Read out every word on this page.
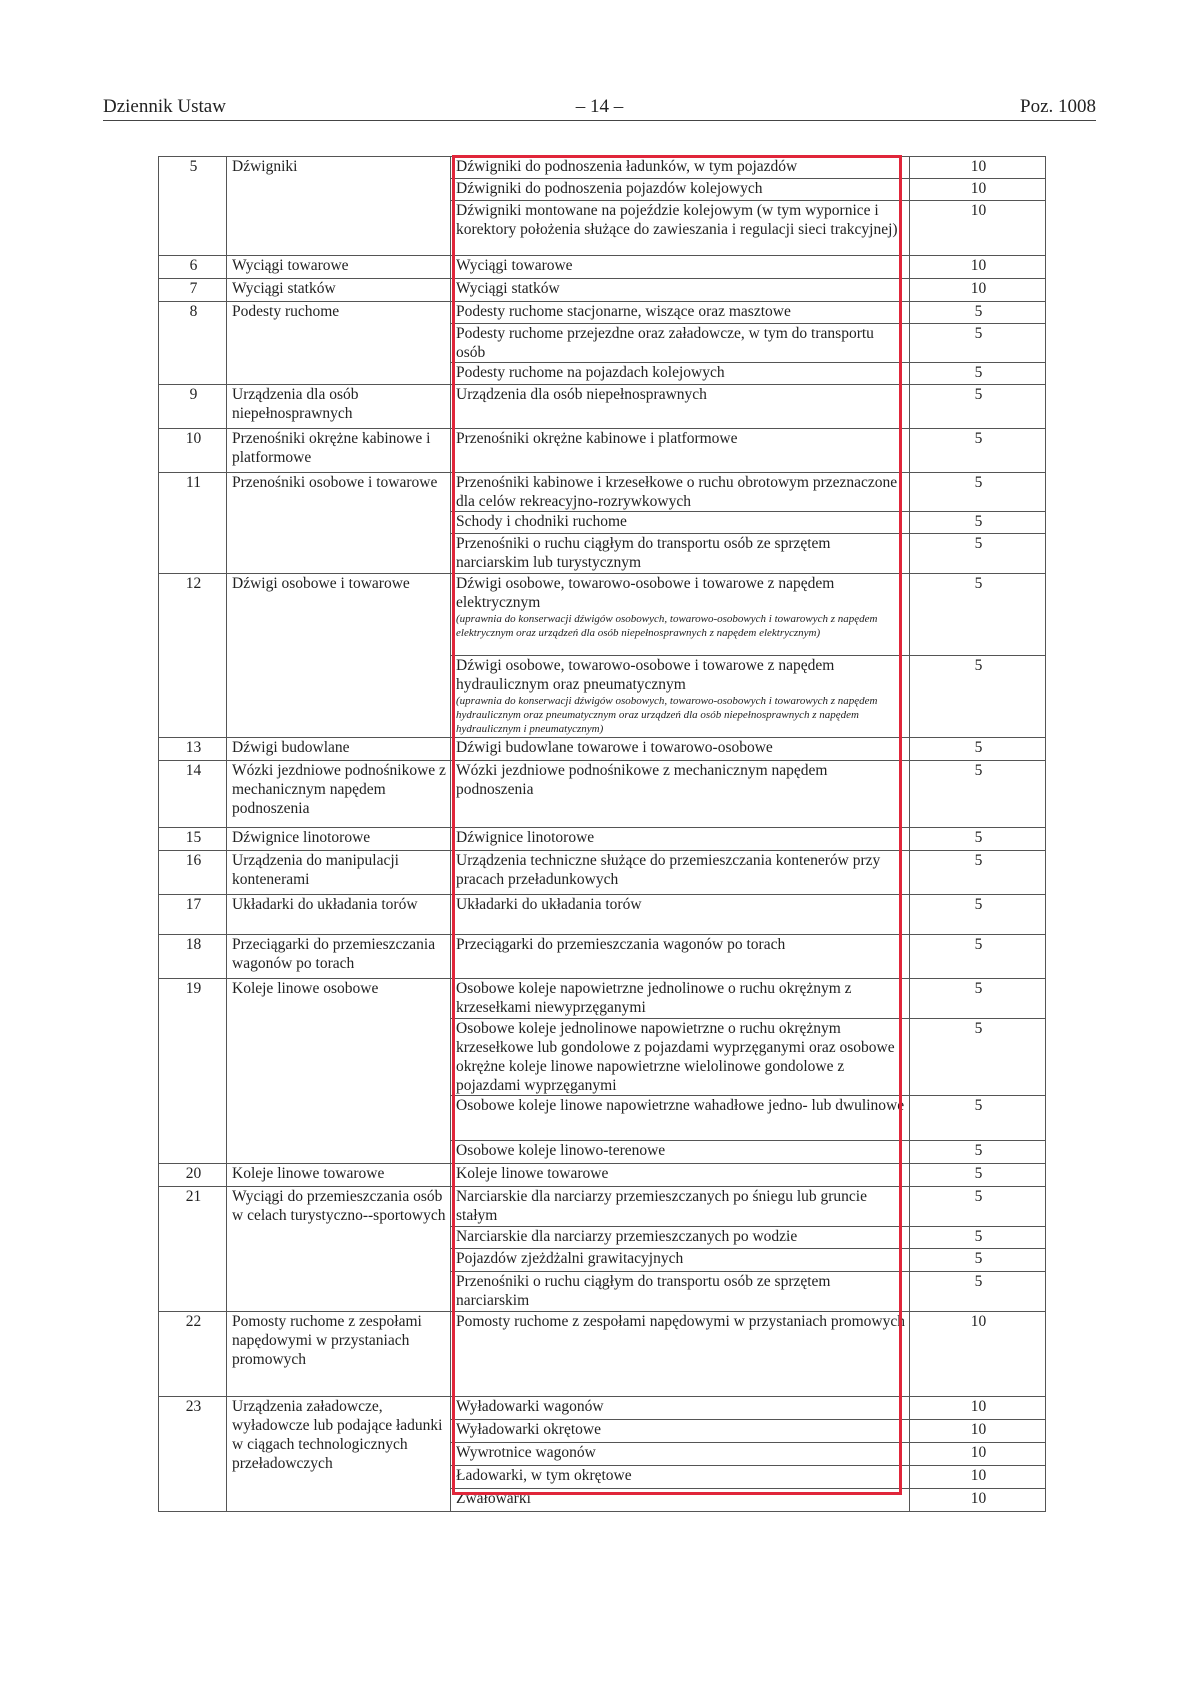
Dziennik Ustaw	– 14 –	Poz. 1008
5	Dźwigniki	Dźwigniki do podnoszenia ładunków, w tym pojazdów	10

		Dźwigniki do podnoszenia pojazdów kolejowych	10

		Dźwigniki montowane na pojeździe kolejowym (w tym wypornice i korektory położenia służące do zawieszania i regulacji sieci trakcyjnej)	10
6	Wyciągi towarowe	Wyciągi towarowe	10
7	Wyciągi statków	Wyciągi statków	10
8	Podesty ruchome	Podesty ruchome stacjonarne, wiszące oraz masztowe	5

		Podesty ruchome przejezdne oraz załadowcze, w tym do transportu osób	5

		Podesty ruchome na pojazdach kolejowych	5
9	Urządzenia dla osób niepełnosprawnych	Urządzenia dla osób niepełnosprawnych	5
10	Przenośniki okrężne kabinowe i platformowe	Przenośniki okrężne kabinowe i platformowe	5
11	Przenośniki osobowe i towarowe	Przenośniki kabinowe i krzesełkowe o ruchu obrotowym przeznaczone dla celów rekreacyjno-rozrywkowych	5

		Schody i chodniki ruchome	5

		Przenośniki o ruchu ciągłym do transportu osób ze sprzętem narciarskim lub turystycznym	5
12	Dźwigi osobowe i towarowe	Dźwigi osobowe, towarowo-osobowe i towarowe z napędem elektrycznym
(uprawnia do konserwacji dźwigów osobowych, towarowo-osobowych i towarowych z napędem elektrycznym oraz urządzeń dla osób niepełnosprawnych z napędem elektrycznym)	5

		Dźwigi osobowe, towarowo-osobowe i towarowe z napędem hydraulicznym oraz pneumatycznym
(uprawnia do konserwacji dźwigów osobowych, towarowo-osobowych i towarowych z napędem hydraulicznym oraz pneumatycznym oraz urządzeń dla osób niepełnosprawnych z napędem hydraulicznym i pneumatycznym)	5
13	Dźwigi budowlane	Dźwigi budowlane towarowe i towarowo-osobowe	5
14	Wózki jezdniowe podnośnikowe z mechanicznym napędem podnoszenia	Wózki jezdniowe podnośnikowe z mechanicznym napędem podnoszenia	5
15	Dźwignice linotorowe	Dźwignice linotorowe	5
16	Urządzenia do manipulacji kontenerami	Urządzenia techniczne służące do przemieszczania kontenerów przy pracach przeładunkowych	5
17	Układarki do układania torów	Układarki do układania torów	5
18	Przeciągarki do przemieszczania wagonów po torach	Przeciągarki do przemieszczania wagonów po torach	5
19	Koleje linowe osobowe	Osobowe koleje napowietrzne jednolinowe o ruchu okrężnym z krzesełkami niewyprzęganymi	5

		Osobowe koleje jednolinowe napowietrzne o ruchu okrężnym krzesełkowe lub gondolowe z pojazdami wyprzęganymi oraz osobowe okrężne koleje linowe napowietrzne wielolinowe gondolowe z pojazdami wyprzęganymi	5

		Osobowe koleje linowe napowietrzne wahadłowe jedno- lub dwulinowe	5

		Osobowe koleje linowo-terenowe	5
20	Koleje linowe towarowe	Koleje linowe towarowe	5
21	Wyciągi do przemieszczania osób w celach turystyczno--sportowych	Narciarskie dla narciarzy przemieszczanych po śniegu lub gruncie stałym	5

		Narciarskie dla narciarzy przemieszczanych po wodzie	5

		Pojazdów zjeżdżalni grawitacyjnych	5

		Przenośniki o ruchu ciągłym do transportu osób ze sprzętem narciarskim	5
22	Pomosty ruchome z zespołami napędowymi w przystaniach promowych	Pomosty ruchome z zespołami napędowymi w przystaniach promowych	10
23	Urządzenia załadowcze, wyładowcze lub podające ładunki w ciągach technologicznych przeładowczych	Wyładowarki wagonów	10

		Wyładowarki okrętowe	10

		Wywrotnice wagonów	10

		Ładowarki, w tym okrętowe	10

		Zwałowarki	10
